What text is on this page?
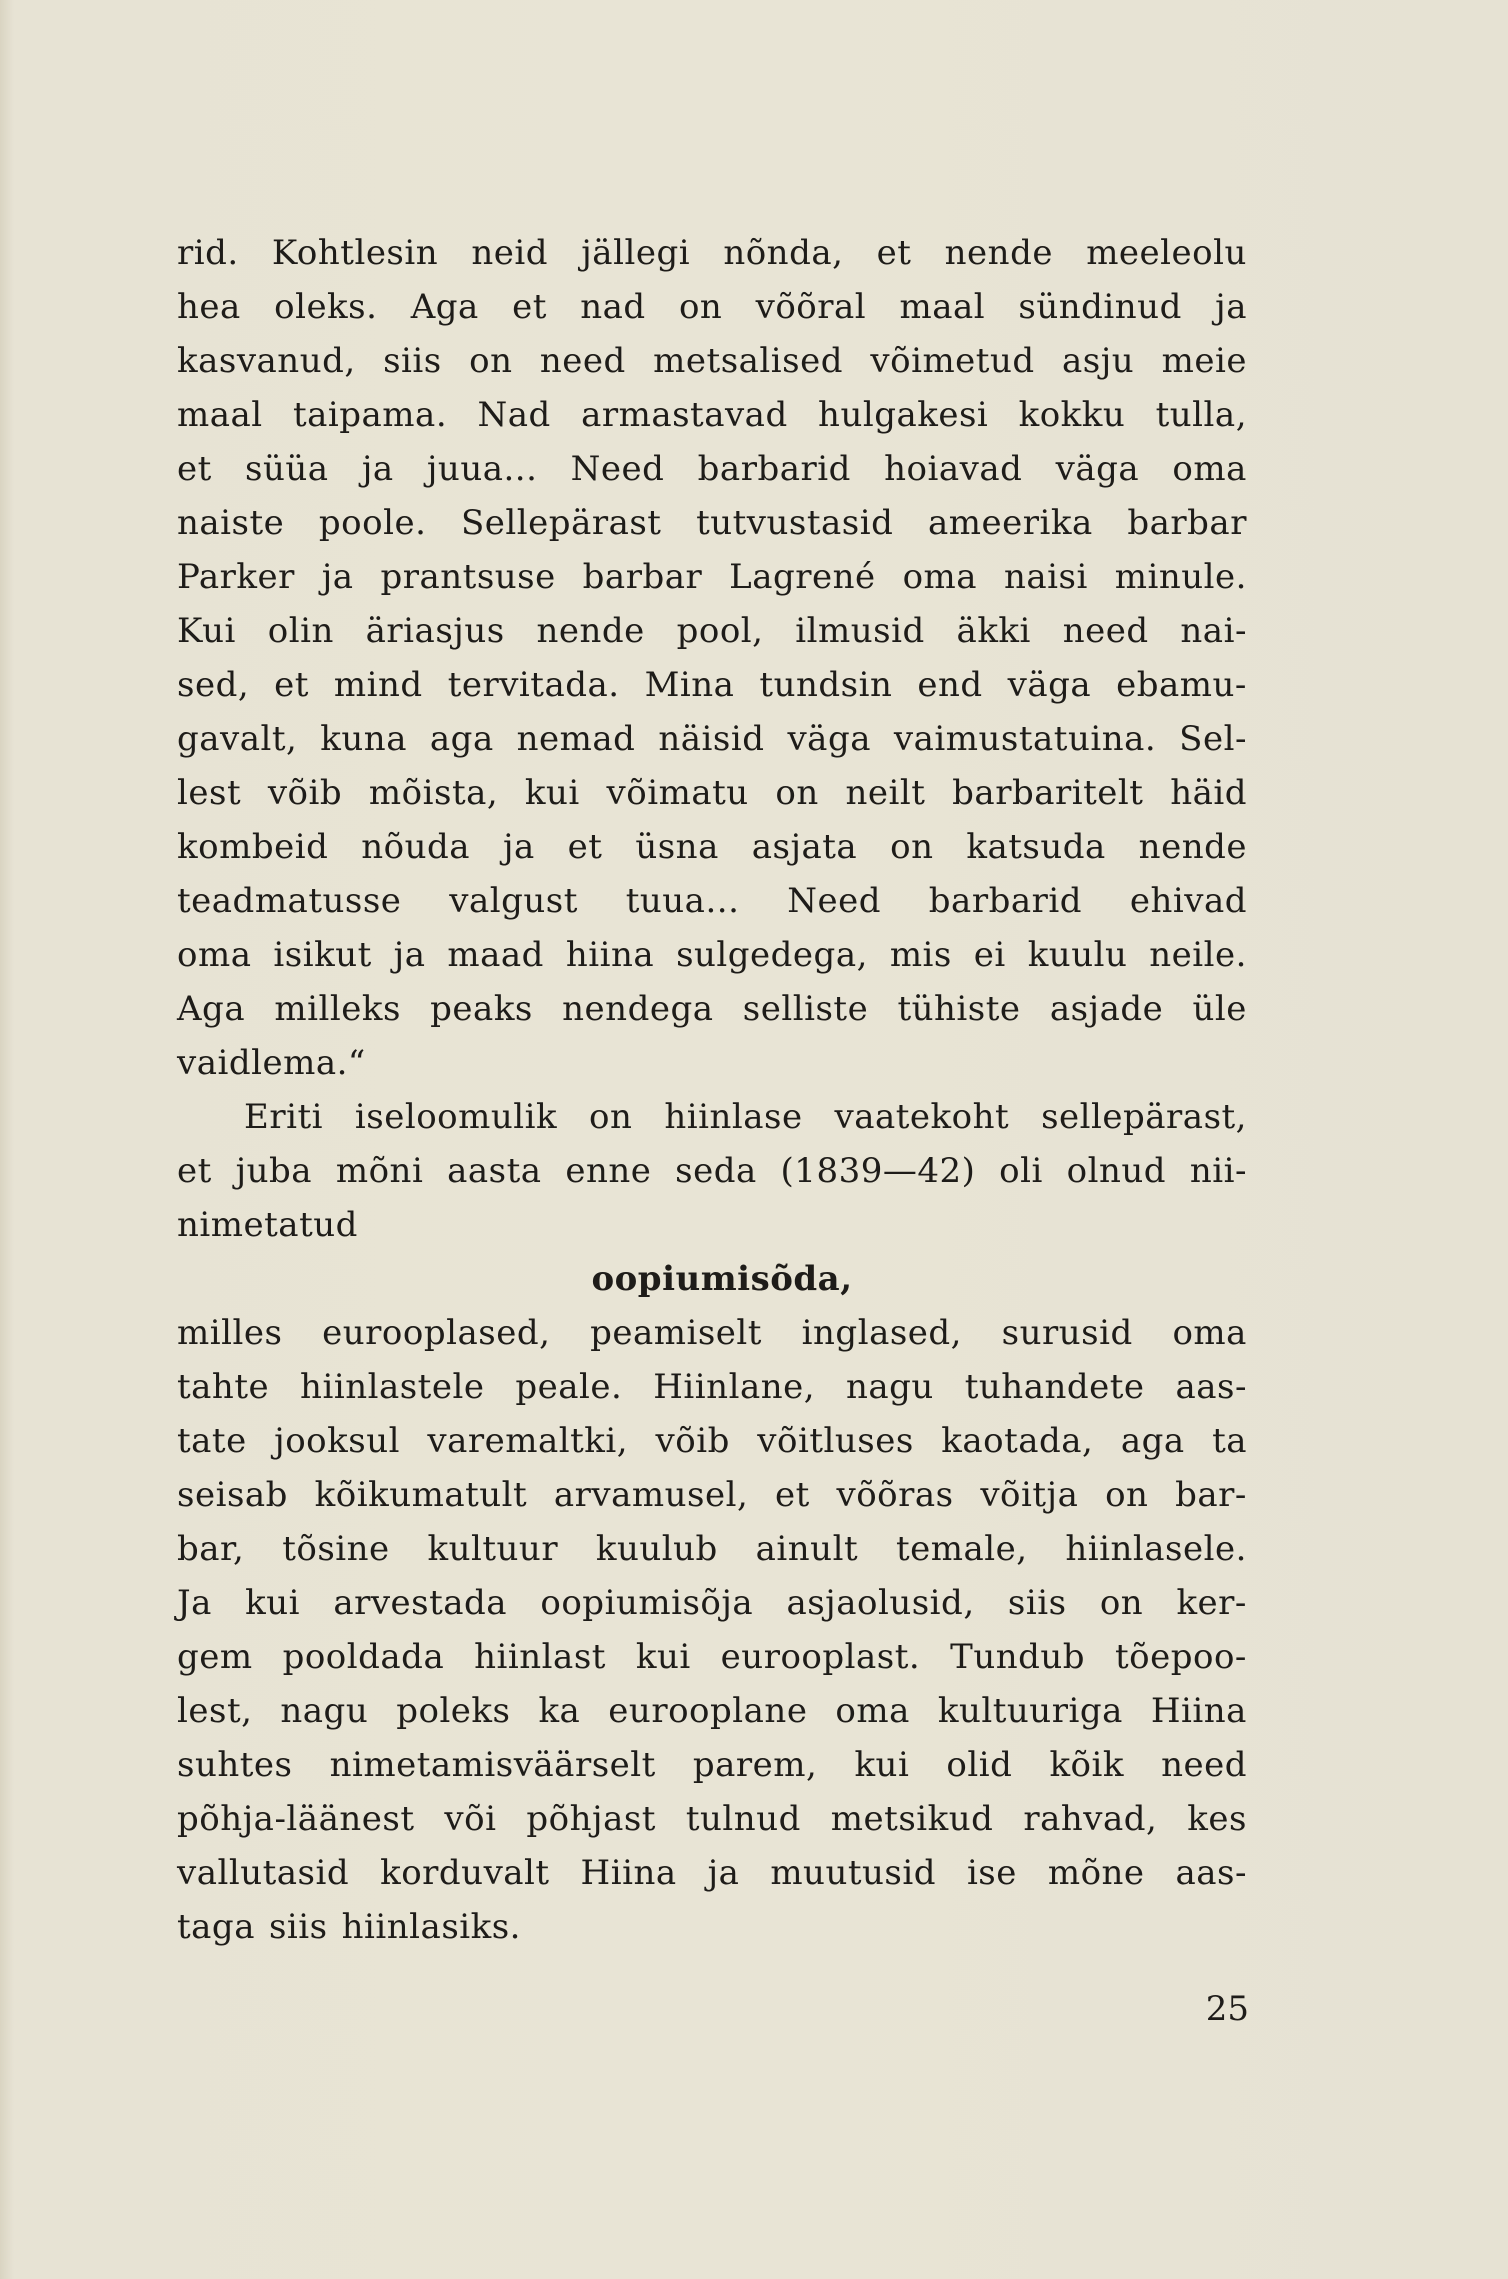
rid. Kohtlesin neid jällegi nõnda, et nende meeleolu
hea oleks. Aga et nad on võõral maal sündinud ja
kasvanud, siis on need metsalised võimetud asju meie
maal taipama. Nad armastavad hulgakesi kokku tulla,
et süüa ja juua... Need barbarid hoiavad väga oma
naiste poole. Sellepärast tutvustasid ameerika barbar
Parker ja prantsuse barbar Lagrené oma naisi minule.
Kui olin äriasjus nende pool, ilmusid äkki need nai-
sed, et mind tervitada. Mina tundsin end väga ebamu-
gavalt, kuna aga nemad näisid väga vaimustatuina. Sel-
lest võib mõista, kui võimatu on neilt barbaritelt häid
kombeid nõuda ja et üsna asjata on katsuda nende
teadmatusse valgust tuua... Need barbarid ehivad
oma isikut ja maad hiina sulgedega, mis ei kuulu neile.
Aga milleks peaks nendega selliste tühiste asjade üle
vaidlema.“
Eriti iseloomulik on hiinlase vaatekoht sellepärast,
et juba mõni aasta enne seda (1839—42) oli olnud nii-
nimetatud
oopiumisõda,
milles eurooplased, peamiselt inglased, surusid oma
tahte hiinlastele peale. Hiinlane, nagu tuhandete aas-
tate jooksul varemaltki, võib võitluses kaotada, aga ta
seisab kõikumatult arvamusel, et võõras võitja on bar-
bar, tõsine kultuur kuulub ainult temale, hiinlasele.
Ja kui arvestada oopiumisõja asjaolusid, siis on ker-
gem pooldada hiinlast kui eurooplast. Tundub tõepoo-
lest, nagu poleks ka eurooplane oma kultuuriga Hiina
suhtes nimetamisväärselt parem, kui olid kõik need
põhja-läänest või põhjast tulnud metsikud rahvad, kes
vallutasid korduvalt Hiina ja muutusid ise mõne aas-
taga siis hiinlasiks.
25
